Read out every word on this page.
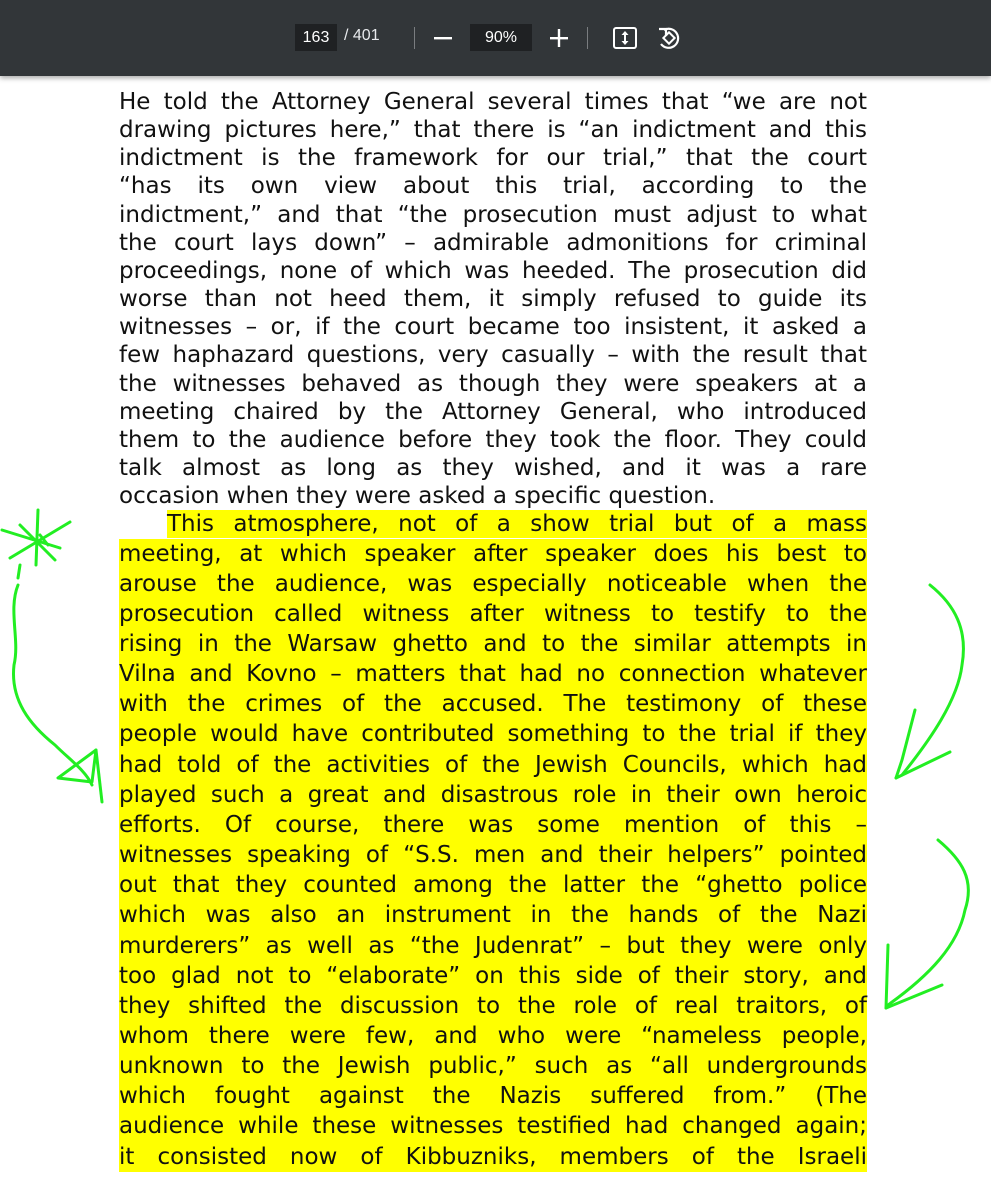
163
/ 401	90%

He told the Attorney General several times that “we are not

drawing pictures here,” that there is “an indictment and this

indictment is the framework for our trial,” that the court

“has its own view about this trial, according to the

indictment,” and that “the prosecution must adjust to what

the court lays down” – admirable admonitions for criminal

proceedings, none of which was heeded. The prosecution did

worse than not heed them, it simply refused to guide its

witnesses – or, if the court became too insistent, it asked a

few haphazard questions, very casually – with the result that

the witnesses behaved as though they were speakers at a

meeting chaired by the Attorney General, who introduced

them to the audience before they took the floor. They could

talk almost as long as they wished, and it was a rare

occasion when they were asked a specific question.

This atmosphere, not of a show trial but of a mass

meeting, at which speaker after speaker does his best to

arouse the audience, was especially noticeable when the

prosecution called witness after witness to testify to the

rising in the Warsaw ghetto and to the similar attempts in

Vilna and Kovno – matters that had no connection whatever

with the crimes of the accused. The testimony of these

people would have contributed something to the trial if they

had told of the activities of the Jewish Councils, which had

played such a great and disastrous role in their own heroic

efforts. Of course, there was some mention of this –

witnesses speaking of “S.S. men and their helpers” pointed

out that they counted among the latter the “ghetto police

which was also an instrument in the hands of the Nazi

murderers” as well as “the Judenrat” – but they were only

too glad not to “elaborate” on this side of their story, and

they shifted the discussion to the role of real traitors, of

whom there were few, and who were “nameless people,

unknown to the Jewish public,” such as “all undergrounds

which fought against the Nazis suffered from.” (The

audience while these witnesses testified had changed again;

it consisted now of Kibbuzniks, members of the Israeli
